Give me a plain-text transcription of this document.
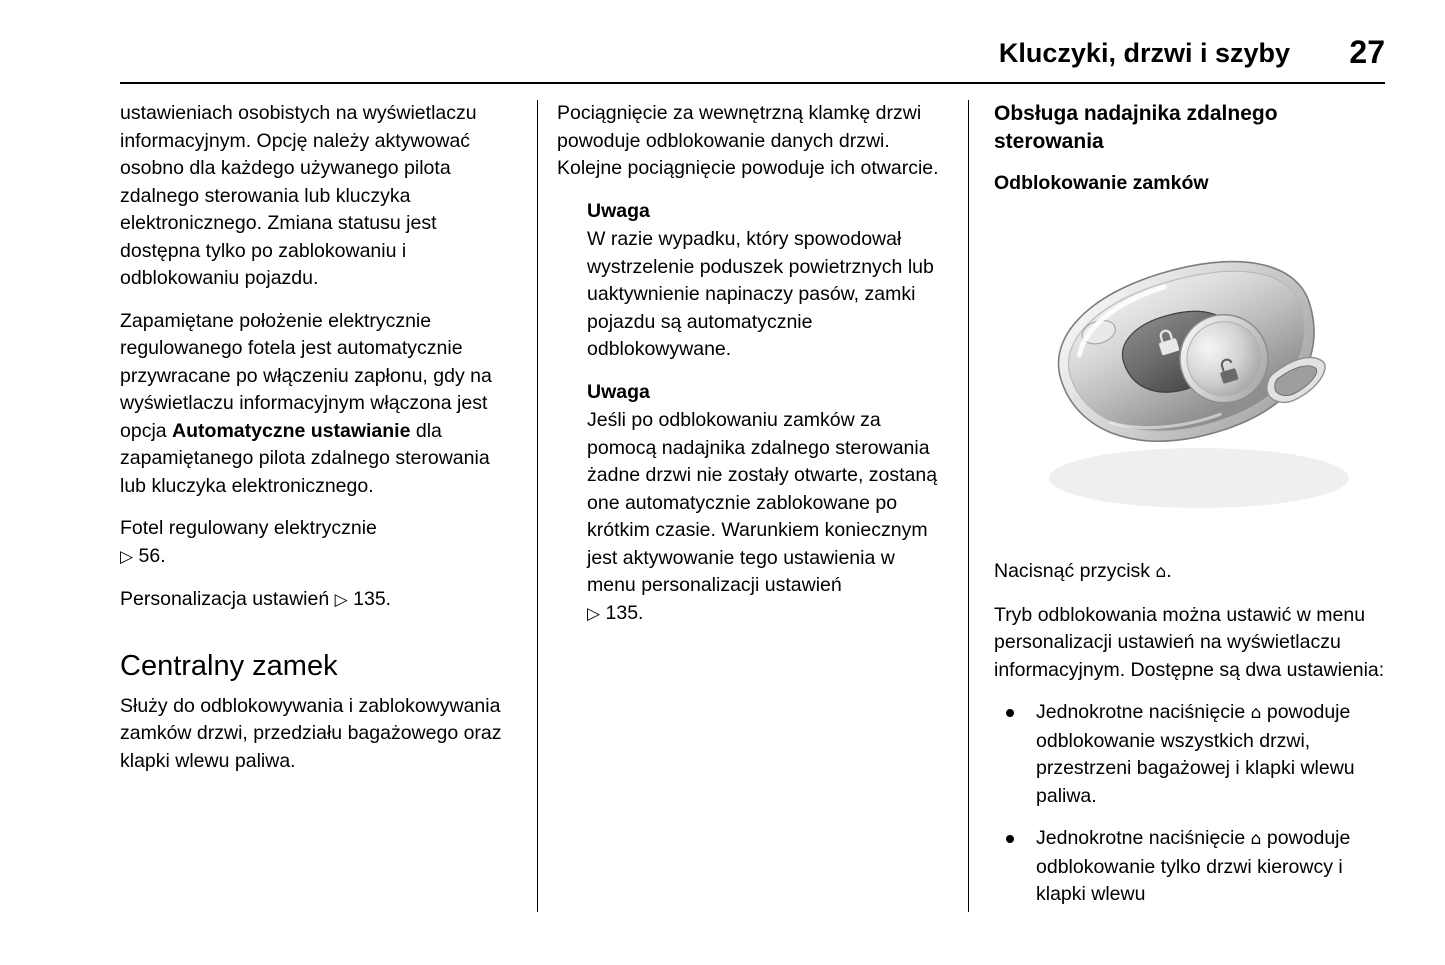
Kluczyki, drzwi i szyby 27

ustawieniach osobistych na wyświetlaczu informacyjnym. Opcję należy aktywować osobno dla każdego używanego pilota zdalnego sterowania lub kluczyka elektronicznego. Zmiana statusu jest dostępna tylko po zablokowaniu i odblokowaniu pojazdu.

Zapamiętane położenie elektrycznie regulowanego fotela jest automatycznie przywracane po włączeniu zapłonu, gdy na wyświetlaczu informacyjnym włączona jest opcja Automatyczne ustawianie dla zapamiętanego pilota zdalnego sterowania lub kluczyka elektronicznego.

Fotel regulowany elektrycznie
▷ 56.

Personalizacja ustawień ▷ 135.

Centralny zamek

Służy do odblokowywania i zablokowywania zamków drzwi, przedziału bagażowego oraz klapki wlewu paliwa.

Pociągnięcie za wewnętrzną klamkę drzwi powoduje odblokowanie danych drzwi. Kolejne pociągnięcie powoduje ich otwarcie.

Uwaga

W razie wypadku, który spowodował wystrzelenie poduszek powietrznych lub uaktywnienie napinaczy pasów, zamki pojazdu są automatycznie odblokowywane.

Uwaga

Jeśli po odblokowaniu zamków za pomocą nadajnika zdalnego sterowania żadne drzwi nie zostały otwarte, zostaną one automatycznie zablokowane po krótkim czasie. Warunkiem koniecznym jest aktywowanie tego ustawienia w menu personalizacji ustawień
▷ 135.

Obsługa nadajnika zdalnego sterowania
Odblokowanie zamków

Nacisnąć przycisk ⌂.

Tryb odblokowania można ustawić w menu personalizacji ustawień na wyświetlaczu informacyjnym. Dostępne są dwa ustawienia:

Jednokrotne naciśnięcie ⌂ powoduje odblokowanie wszystkich drzwi, przestrzeni bagażowej i klapki wlewu paliwa.
Jednokrotne naciśnięcie ⌂ powoduje odblokowanie tylko drzwi kierowcy i klapki wlewu
